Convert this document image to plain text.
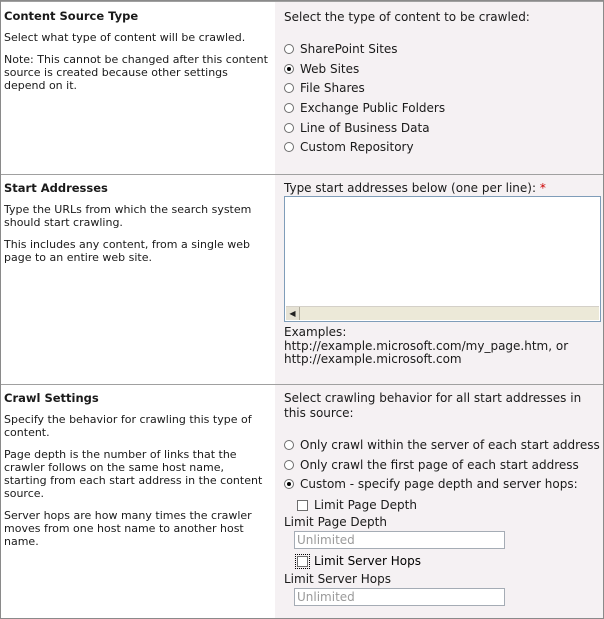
Content Source Type

Select what type of content will be crawled.

Note: This cannot be changed after this content source is created because other settings depend on it.

Select the type of content to be crawled:
SharePoint Sites
Web Sites
File Shares
Exchange Public Folders
Line of Business Data
Custom Repository
Start Addresses

Type the URLs from which the search system should start crawling.

This includes any content, from a single web page to an entire web site.

Type start addresses below (one per line): *
◀
Examples:
http://example.microsoft.com/my_page.htm, or
http://example.microsoft.com
Crawl Settings

Specify the behavior for crawling this type of content.

Page depth is the number of links that the crawler follows on the same host name, starting from each start address in the content source.

Server hops are how many times the crawler moves from one host name to another host name.

Select crawling behavior for all start addresses in this source:
Only crawl within the server of each start address
Only crawl the first page of each start address
Custom - specify page depth and server hops:
Limit Page Depth
Limit Page Depth
Unlimited
Limit Server Hops
Limit Server Hops
Unlimited
